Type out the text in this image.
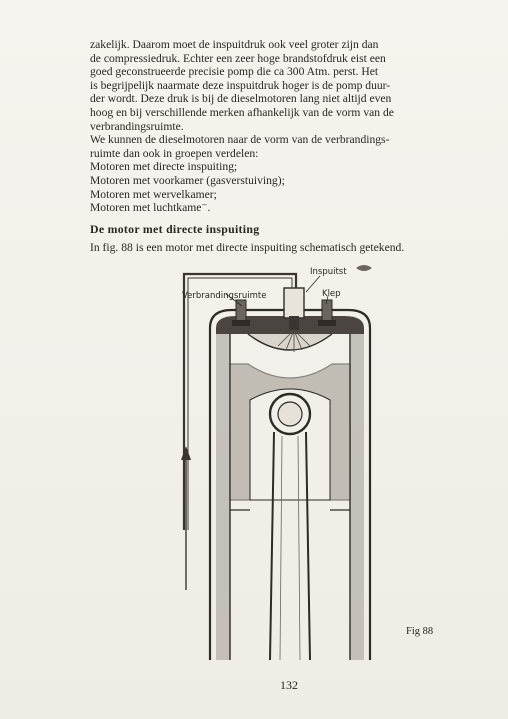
zakelijk. Daarom moet de inspuitdruk ook veel groter zijn dan

de compressiedruk. Echter een zeer hoge brandstofdruk eist een

goed geconstrueerde precisie pomp die ca 300 Atm. perst. Het

is begrijpelijk naarmate deze inspuitdruk hoger is de pomp duur-

der wordt. Deze druk is bij de dieselmotoren lang niet altijd even

hoog en bij verschillende merken afhankelijk van de vorm van de

verbrandingsruimte.

We kunnen de dieselmotoren naar de vorm van de verbrandings-

ruimte dan ook in groepen verdelen:

Motoren met directe inspuiting;
Motoren met voorkamer (gasverstuiving);
Motoren met wervelkamer;
Motoren met luchtkame⁻.
De motor met directe inspuiting
In fig. 88 is een motor met directe inspuiting schematisch getekend.
Inspuitst
Verbrandingsruimte	Klep
Fig 88
132
